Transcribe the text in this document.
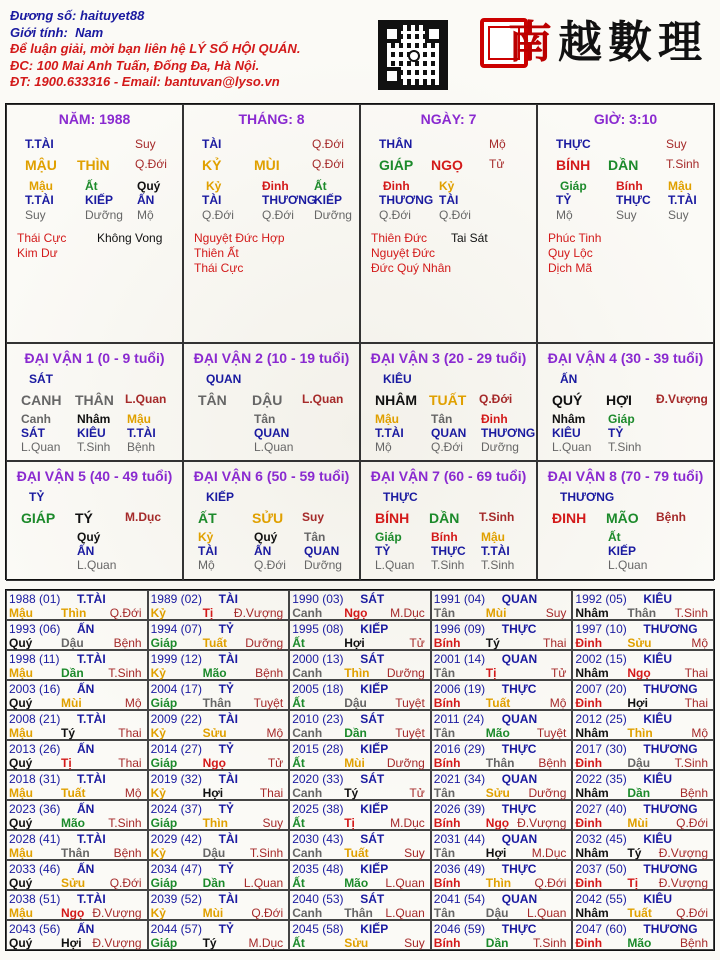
Đương số: haituyet88
Giới tính: Nam
Để luận giải, mời bạn liên hệ LÝ SỐ HỘI QUÁN.
ĐC: 100 Mai Anh Tuấn, Đống Đa, Hà Nội.
ĐT: 1900.633316 - Email: bantuvan@lyso.vn
南越數理
NĂM: 1988
T.TÀI	Suy
MẬU THÌN Q.Đới
Mậu	Ất	Quý
T.TÀI	KIẾP ẤN
Suy	Dưỡng Mộ
Thái Cực
Kim Dư
Không Vong
THÁNG: 8
TÀI	Q.Đới
KỶ MÙI	Q.Đới
Kỷ	Đinh Ất
TÀI	THƯƠNG
KIẾP
Q.Đới Q.Đới Dưỡng
Nguyệt Đức Hợp
Thiên Ất
Thái Cực
NGÀY: 7
THÂN	Mộ
GIÁP NGỌ Tử
Đinh Kỷ
THƯƠNG TÀI
Q.Đới Q.Đới
Thiên Đức
Nguyệt Đức
Đức Quý Nhân
Tai Sát
GIỜ: 3:10
THỰC	Suy
BÍNH DẦN T.Sinh
Giáp Bính Mậu
TỶ	THỰC T.TÀI
Mộ	Suy	Suy
Phúc Tinh
Quy Lộc
Dịch Mã
ĐẠI VẬN 1 (0 - 9 tuổi)
SÁT
CANH THÂN L.Quan
Canh Nhâm Mậu
SÁT	KIÊU T.TÀI
L.Quan T.Sinh Bệnh
ĐẠI VẬN 2 (10 - 19 tuổi)
QUAN
TÂN DẬU L.Quan
Tân
QUAN
L.Quan
ĐẠI VẬN 3 (20 - 29 tuổi)
KIÊU
NHÂM TUẤT Q.Đới
Mậu	Tân Đinh
T.TÀI QUAN THƯƠNG
Mộ	Q.Đới Dưỡng
ĐẠI VẬN 4 (30 - 39 tuổi)
ẤN
QUÝ HỢI Đ.Vượng
Nhâm Giáp
KIÊU TỶ
L.Quan T.Sinh
ĐẠI VẬN 5 (40 - 49 tuổi)
TỶ
GIÁP TÝ	M.Dục
Quý
ẤN
L.Quan
ĐẠI VẬN 6 (50 - 59 tuổi)
KIẾP
ẤT	SỬU Suy
Kỷ	Quý Tân
TÀI	ẤN	QUAN
Mộ	Q.Đới Dưỡng
ĐẠI VẬN 7 (60 - 69 tuổi)
THỰC
BÍNH DẦN T.Sinh
Giáp Bính Mậu
TỶ	THỰC T.TÀI
L.Quan T.Sinh T.Sinh
ĐẠI VẬN 8 (70 - 79 tuổi)
THƯƠNG
ĐINH MÃO Bệnh
Ất
KIẾP
L.Quan
1988 (01) T.TÀI
Mậu Thìn Q.Đới
1989 (02) TÀI
Kỷ	Tị Đ.Vượng
1990 (03) SÁT
Canh Ngọ M.Dục
1991 (04) QUAN
Tân	Mùi	Suy
1992 (05) KIÊU
Nhâm Thân T.Sinh
1993 (06) ẤN
Quý Dậu Bệnh
1994 (07) TỶ
Giáp Tuất Dưỡng
1995 (08) KIẾP
Ất	Hợi	Tử
1996 (09) THỰC
Bính Tý	Thai
1997 (10) THƯƠNG
Đinh Sửu	Mộ
1998 (11) T.TÀI
Mậu Dần T.Sinh
1999 (12) TÀI
Kỷ	Mão Bệnh
2000 (13) SÁT
Canh Thìn Dưỡng
2001 (14) QUAN
Tân	Tị	Tử
2002 (15) KIÊU
Nhâm Ngọ	Thai
2003 (16) ẤN
Quý Mùi	Mộ
2004 (17) TỶ
Giáp Thân Tuyệt
2005 (18) KIẾP
Ất	Dậu Tuyệt
2006 (19) THỰC
Bính Tuất	Mộ
2007 (20) THƯƠNG
Đinh Hợi	Thai
2008 (21) T.TÀI
Mậu Tý	Thai
2009 (22) TÀI
Kỷ	Sửu	Mộ
2010 (23) SÁT
Canh Dần Tuyệt
2011 (24) QUAN
Tân	Mão Tuyệt
2012 (25) KIÊU
Nhâm Thìn	Mộ
2013 (26) ẤN
Quý Tị	Thai
2014 (27) TỶ
Giáp Ngọ	Tử
2015 (28) KIẾP
Ất	Mùi Dưỡng
2016 (29) THỰC
Bính Thân Bệnh
2017 (30) THƯƠNG
Đinh Dậu T.Sinh
2018 (31) T.TÀI
Mậu Tuất	Mộ
2019 (32) TÀI
Kỷ	Hợi	Thai
2020 (33) SÁT
Canh Tý	Tử
2021 (34) QUAN
Tân	Sửu Dưỡng
2022 (35) KIÊU
Nhâm Dần Bệnh
2023 (36) ẤN
Quý Mão T.Sinh
2024 (37) TỶ
Giáp Thìn	Suy
2025 (38) KIẾP
Ất	Tị	M.Dục
2026 (39) THỰC
Bính Ngọ Đ.Vượng
2027 (40) THƯƠNG
Đinh Mùi Q.Đới
2028 (41) T.TÀI
Mậu Thân Bệnh
2029 (42) TÀI
Kỷ	Dậu T.Sinh
2030 (43) SÁT
Canh Tuất	Suy
2031 (44) QUAN
Tân	Hợi M.Dục
2032 (45) KIÊU
Nhâm Tý Đ.Vượng
2033 (46) ẤN
Quý Sửu Q.Đới
2034 (47) TỶ
Giáp Dần L.Quan
2035 (48) KIẾP
Ất	Mão L.Quan
2036 (49) THỰC
Bính Thìn Q.Đới
2037 (50) THƯƠNG
Đinh Tị Đ.Vượng
2038 (51) T.TÀI
Mậu Ngọ Đ.Vượng
2039 (52) TÀI
Kỷ	Mùi Q.Đới
2040 (53) SÁT
Canh Thân L.Quan
2041 (54) QUAN
Tân	Dậu L.Quan
2042 (55) KIÊU
Nhâm Tuất Q.Đới
2043 (56) ẤN
Quý Hợi Đ.Vượng
2044 (57) TỶ
Giáp Tý	M.Dục
2045 (58) KIẾP
Ất	Sửu	Suy
2046 (59) THỰC
Bính Dần T.Sinh
2047 (60) THƯƠNG
Đinh Mão Bệnh
